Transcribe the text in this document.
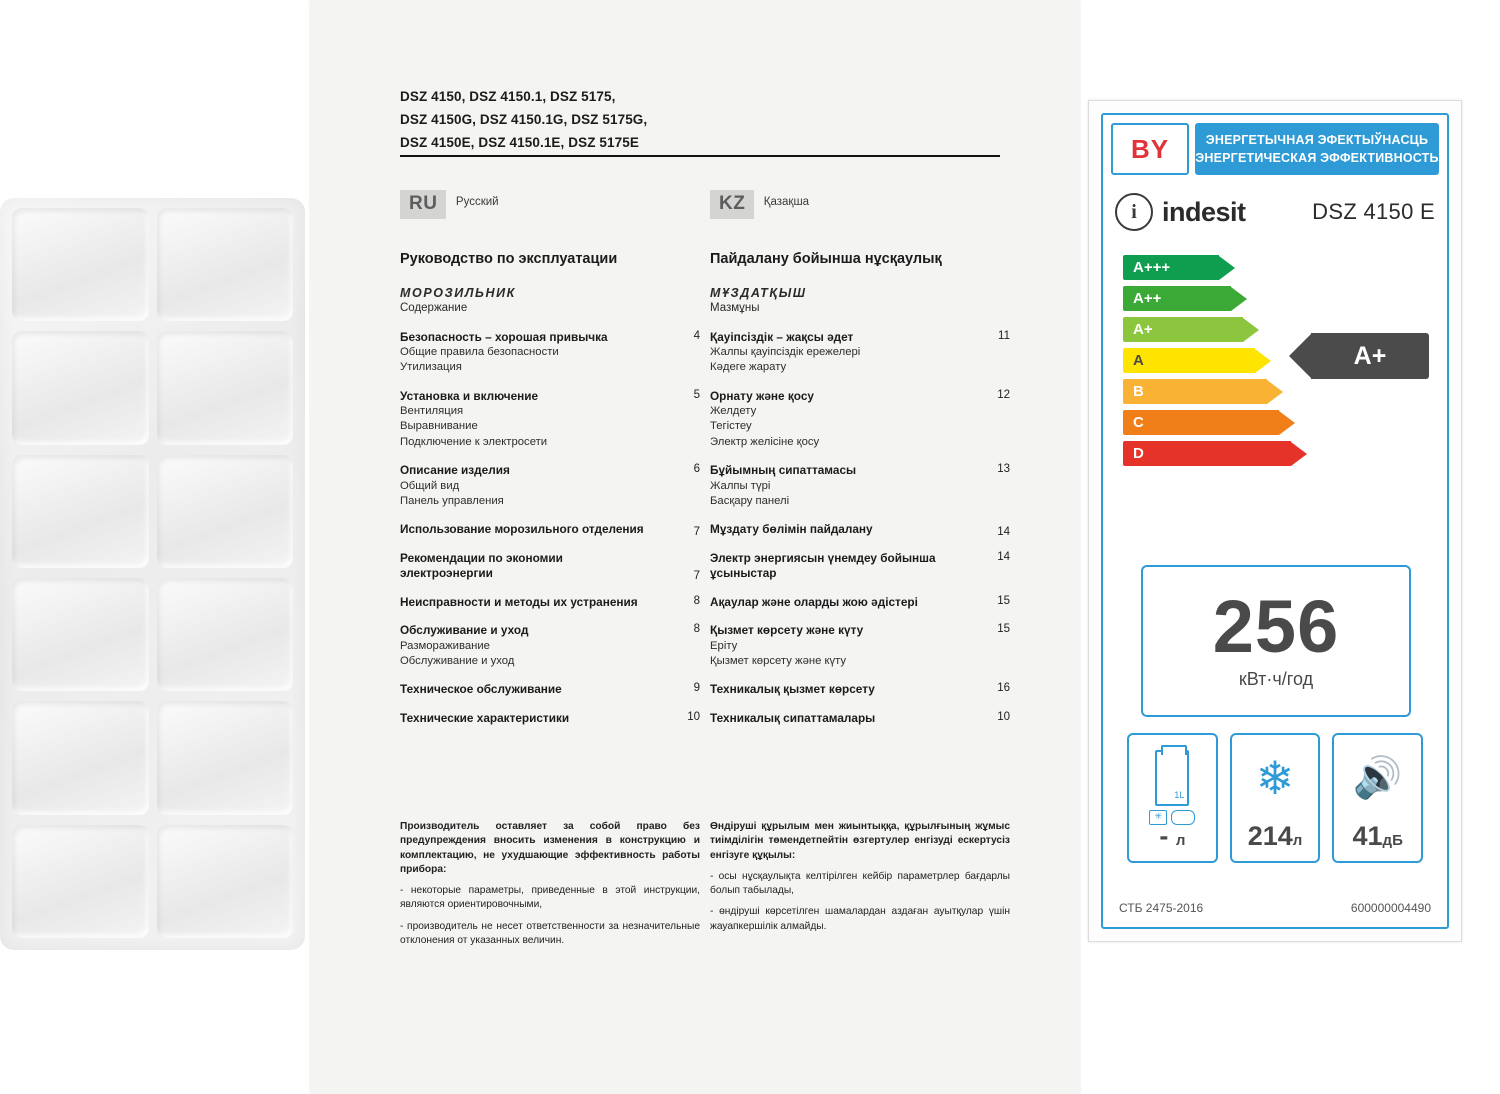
DSZ 4150, DSZ 4150.1, DSZ 5175,
DSZ 4150G, DSZ 4150.1G, DSZ 5175G,
DSZ 4150E, DSZ 4150.1E, DSZ 5175E
RU Русский	KZ Қазақша
Руководство по эксплуатации

МОРОЗИЛЬНИК

Содержание

Безопасность – хорошая привычка
Общие правила безопасности
Утилизация
4
Установка и включение
Вентиляция
Выравнивание
Подключение к электросети
5
Описание изделия
Общий вид
Панель управления
6
Использование морозильного отделения	7
Рекомендации по экономии электроэнергии	7
Неисправности и методы их устранения	8
Обслуживание и уход
Размораживание
Обслуживание и уход
8
Техническое обслуживание	9
Технические характеристики	10
Пайдалану бойынша нұсқаулық

МҰЗДАТҚЫШ

Мазмұны

Қауіпсіздік – жақсы әдет
Жалпы қауіпсіздік ережелері
Кәдеге жарату
11
Орнату және қосу
Желдету
Тегістеу
Электр желісіне қосу
12
Бұйымның сипаттамасы
Жалпы түрі
Басқару панелі
13
Мұздату бөлімін пайдалану	14
Электр энергиясын үнемдеу бойынша ұсыныстар
14
Ақаулар және оларды жою әдістері	15
Қызмет көрсету және күту
Еріту
Қызмет көрсету және күту
15
Техникалық қызмет көрсету	16
Техникалық сипаттамалары	10

Производитель оставляет за собой право без предупреждения вносить изменения в конструкцию и комплектацию, не ухудшающие эффективность работы прибора:

- некоторые параметры, приведенные в этой инструкции, являются ориентировочными,

- производитель не несет ответственности за незначительные отклонения от указанных величин.

Өндіруші құрылым мен жиынтыққа, құрылғының жұмыс тиімділігін төмендетпейтін өзгертулер енгізуді ескертусіз енгізуге құқылы:

- осы нұсқаулықта келтірілген кейбір параметрлер бағдарлы болып табылады,

- өндіруші көрсетілген шамалардан аздаған ауытқулар үшін жауапкершілік алмайды.

BY	ЭНЕРГЕТЫЧНАЯ ЭФЕКТЫЎНАСЦЬ
ЭНЕРГЕТИЧЕСКАЯ ЭФФЕКТИВНОСТЬ
i indesit	DSZ 4150 E
A+++
A++
A+
A
B
C
D
A+
256
кВт·ч/год
1L
✳
- л
❄
214л
🔊
41дБ
СТБ 2475-2016	600000004490
